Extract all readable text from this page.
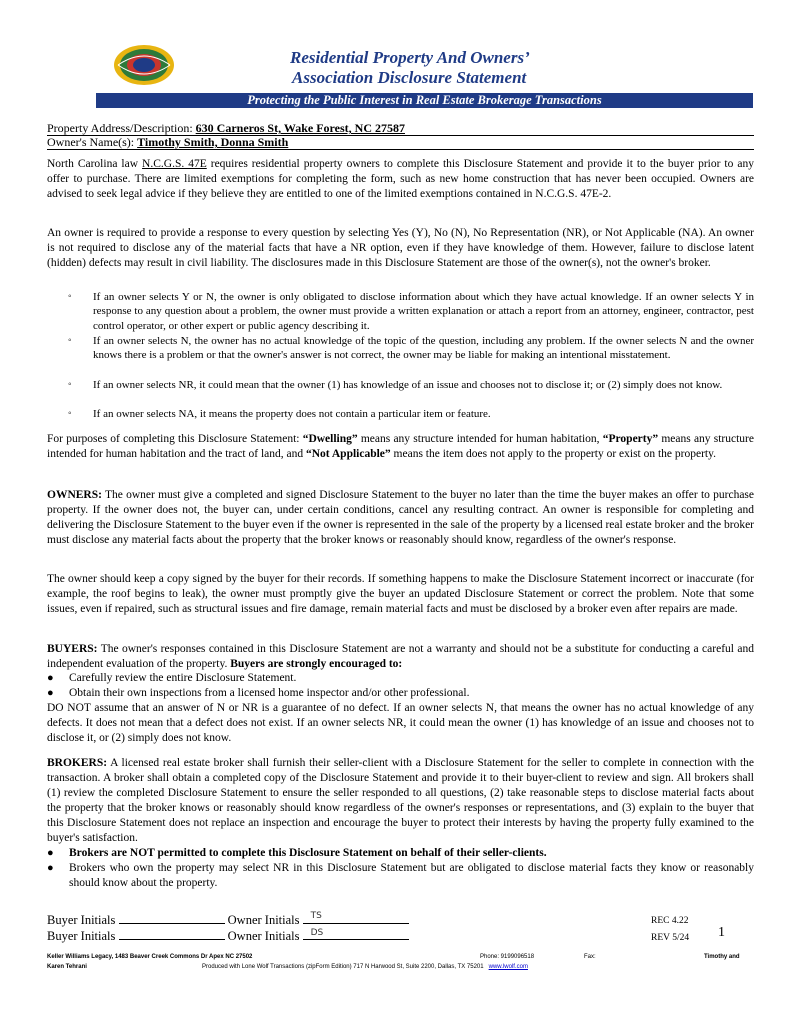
Residential Property And Owners’
Association Disclosure Statement
Protecting the Public Interest in Real Estate Brokerage Transactions
Property Address/Description: 630 Carneros St, Wake Forest, NC 27587
Owner's Name(s): Timothy Smith, Donna Smith

North Carolina law N.C.G.S. 47E requires residential property owners to complete this Disclosure Statement and provide it to the buyer prior to any offer to purchase. There are limited exemptions for completing the form, such as new home construction that has never been occupied. Owners are advised to seek legal advice if they believe they are entitled to one of the limited exemptions contained in N.C.G.S. 47E-2.

An owner is required to provide a response to every question by selecting Yes (Y), No (N), No Representation (NR), or Not Applicable (NA). An owner is not required to disclose any of the material facts that have a NR option, even if they have knowledge of them. However, failure to disclose latent (hidden) defects may result in civil liability. The disclosures made in this Disclosure Statement are those of the owner(s), not the owner's broker.

◦ If an owner selects Y or N, the owner is only obligated to disclose information about which they have actual knowledge. If an owner selects Y in response to any question about a problem, the owner must provide a written explanation or attach a report from an attorney, engineer, contractor, pest control operator, or other expert or public agency describing it.

◦ If an owner selects N, the owner has no actual knowledge of the topic of the question, including any problem. If the owner selects N and the owner knows there is a problem or that the owner's answer is not correct, the owner may be liable for making an intentional misstatement.

◦ If an owner selects NR, it could mean that the owner (1) has knowledge of an issue and chooses not to disclose it; or (2) simply does not know.

◦ If an owner selects NA, it means the property does not contain a particular item or feature.

For purposes of completing this Disclosure Statement: “Dwelling” means any structure intended for human habitation, “Property” means any structure intended for human habitation and the tract of land, and “Not Applicable” means the item does not apply to the property or exist on the property.

OWNERS: The owner must give a completed and signed Disclosure Statement to the buyer no later than the time the buyer makes an offer to purchase property. If the owner does not, the buyer can, under certain conditions, cancel any resulting contract. An owner is responsible for completing and delivering the Disclosure Statement to the buyer even if the owner is represented in the sale of the property by a licensed real estate broker and the broker must disclose any material facts about the property that the broker knows or reasonably should know, regardless of the owner's response.

The owner should keep a copy signed by the buyer for their records. If something happens to make the Disclosure Statement incorrect or inaccurate (for example, the roof begins to leak), the owner must promptly give the buyer an updated Disclosure Statement or correct the problem. Note that some issues, even if repaired, such as structural issues and fire damage, remain material facts and must be disclosed by a broker even after repairs are made.

BUYERS: The owner's responses contained in this Disclosure Statement are not a warranty and should not be a substitute for conducting a careful and independent evaluation of the property. Buyers are strongly encouraged to:

● Carefully review the entire Disclosure Statement.

● Obtain their own inspections from a licensed home inspector and/or other professional.

DO NOT assume that an answer of N or NR is a guarantee of no defect. If an owner selects N, that means the owner has no actual knowledge of any defects. It does not mean that a defect does not exist. If an owner selects NR, it could mean the owner (1) has knowledge of an issue and chooses not to disclose it, or (2) simply does not know.

BROKERS: A licensed real estate broker shall furnish their seller-client with a Disclosure Statement for the seller to complete in connection with the transaction. A broker shall obtain a completed copy of the Disclosure Statement and provide it to their buyer-client to review and sign. All brokers shall (1) review the completed Disclosure Statement to ensure the seller responded to all questions, (2) take reasonable steps to disclose material facts about the property that the broker knows or reasonably should know regardless of the owner's responses or representations, and (3) explain to the buyer that this Disclosure Statement does not replace an inspection and encourage the buyer to protect their interests by having the property fully examined to the buyer's satisfaction.

● Brokers are NOT permitted to complete this Disclosure Statement on behalf of their seller-clients.

● Brokers who own the property may select NR in this Disclosure Statement but are obligated to disclose material facts they know or reasonably should know about the property.

Buyer Initials	Owner Initials TS
Buyer Initials	Owner Initials DS
REC 4.22
REV 5/24 1
Keller Williams Legacy, 1483 Beaver Creek Commons Dr Apex NC 27502	Phone: 9199096518	Fax:	Timothy and
Karen Tehrani	Produced with Lone Wolf Transactions (zipForm Edition) 717 N Harwood St, Suite 2200, Dallas, TX 75201 www.lwolf.com
